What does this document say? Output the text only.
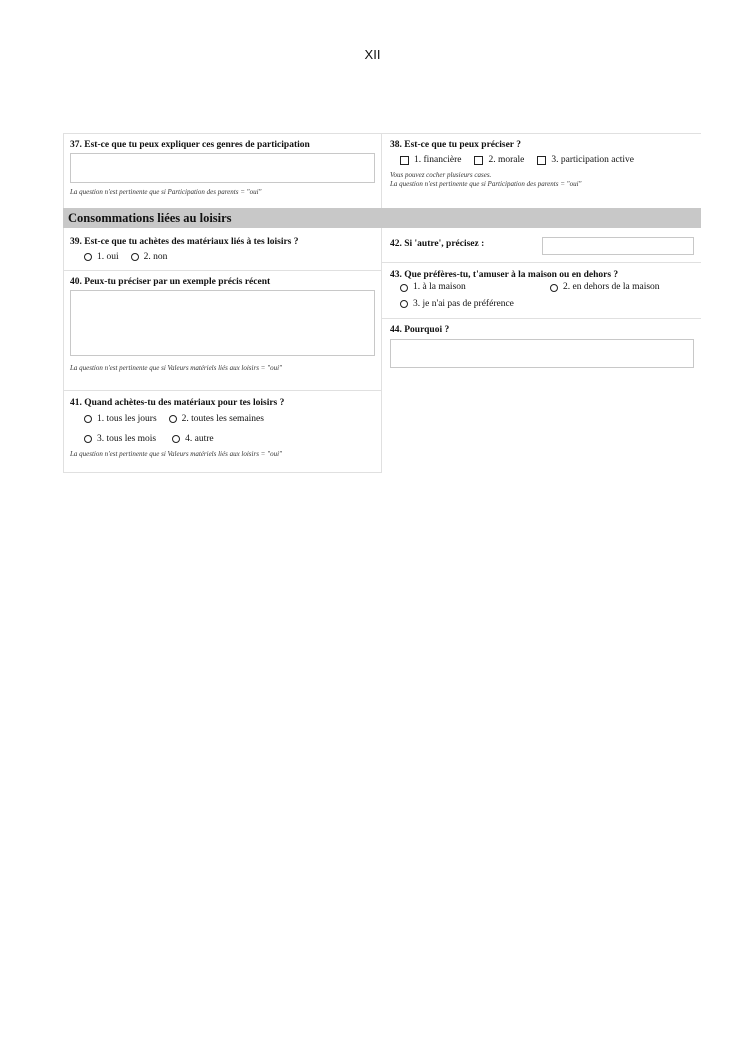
XII
37. Est-ce que tu peux expliquer ces genres de participation
La question n'est pertinente que si Participation des parents = "oui"
38. Est-ce que tu peux préciser ?
1. financière
	2. morale
	3. participation active
Vous pouvez cocher plusieurs cases.
La question n'est pertinente que si Participation des parents = "oui"
Consommations liées au loisirs
39. Est-ce que tu achètes des matériaux liés à tes loisirs ?
1. oui
	2. non
40. Peux-tu préciser par un exemple précis récent
La question n'est pertinente que si Valeurs matériels liés aux loisirs = "oui"
41. Quand achètes-tu des matériaux pour tes loisirs ?
1. tous les jours
	2. toutes les semaines
3. tous les mois
	4. autre
La question n'est pertinente que si Valeurs matériels liés aux loisirs = "oui"
42. Si 'autre', précisez :
43. Que préfères-tu, t'amuser à la maison ou en dehors ?
1. à la maison	2. en dehors de la maison
3. je n'ai pas de préférence
44. Pourquoi ?
